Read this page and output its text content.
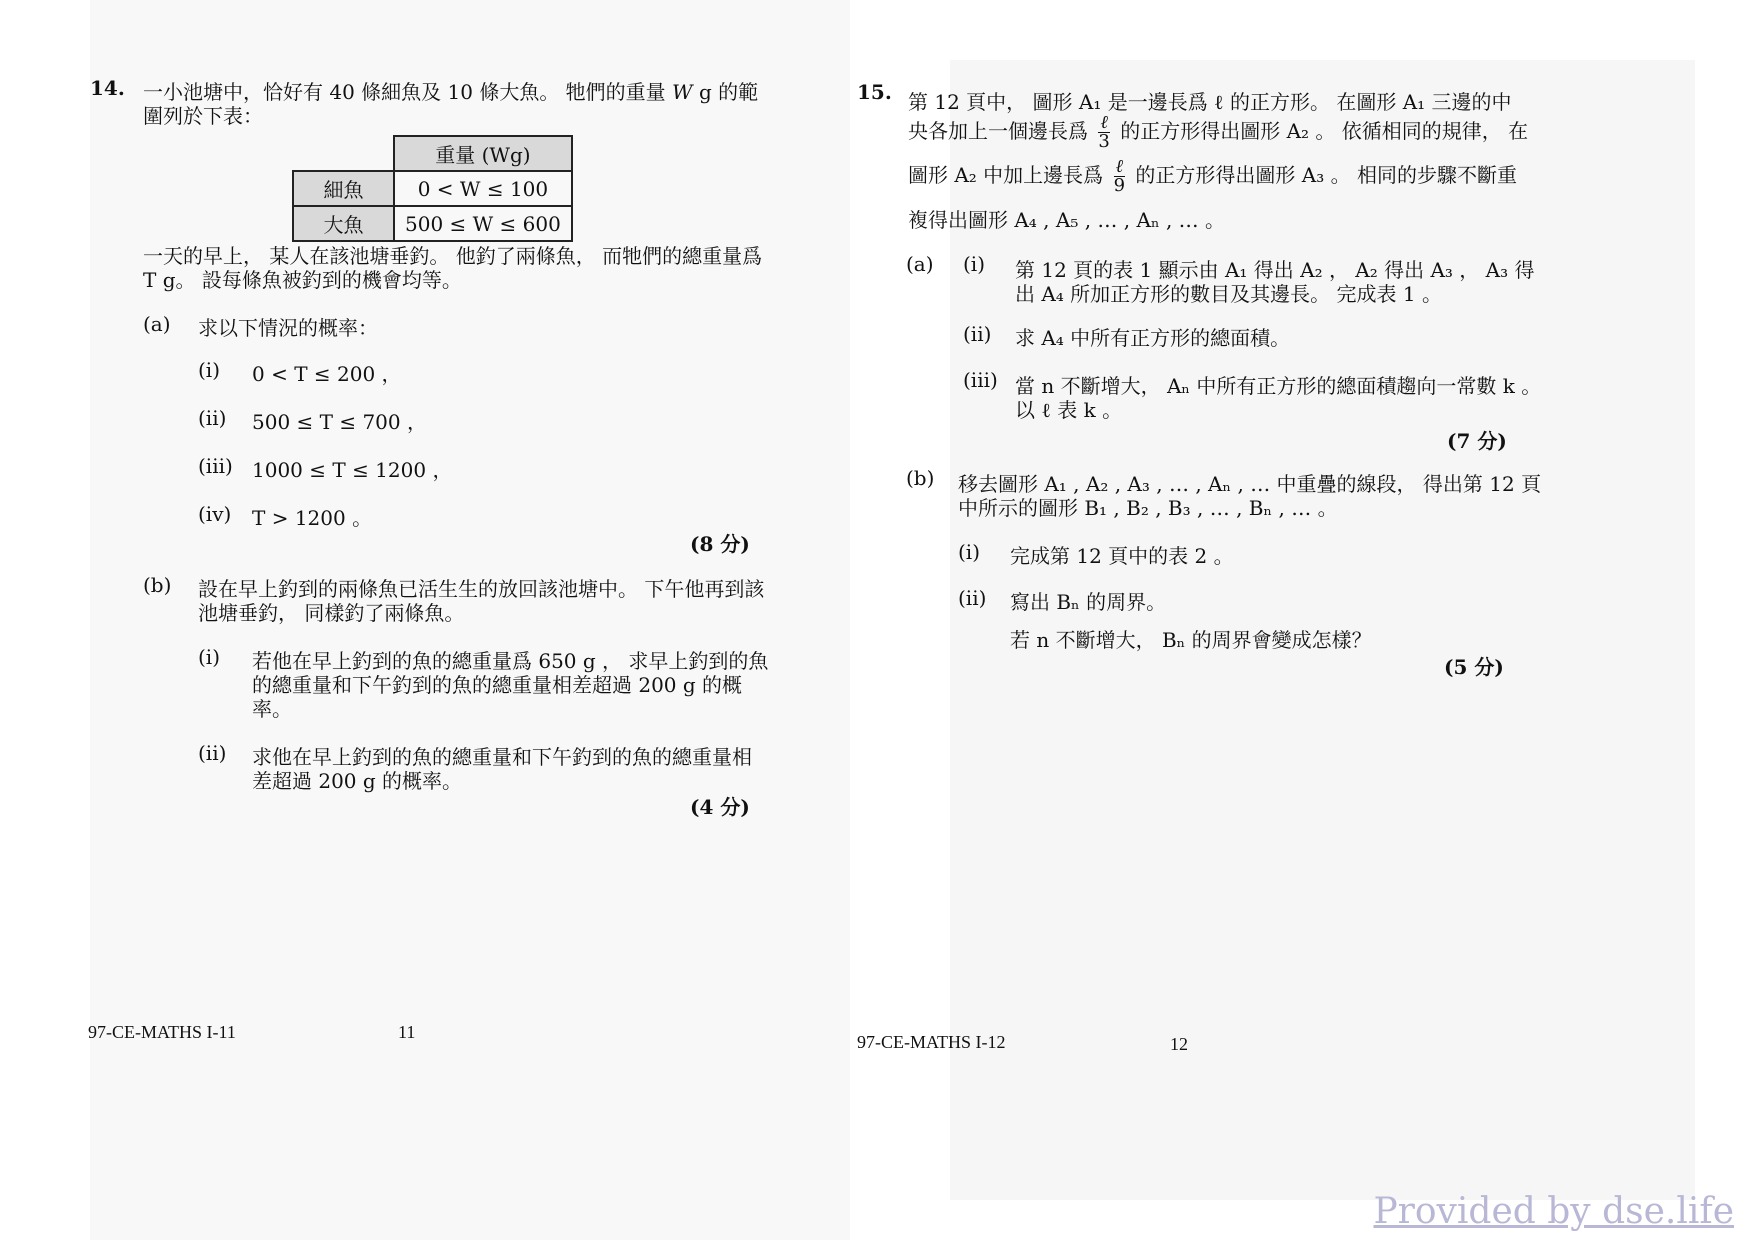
14. 一小池塘中，恰好有 40 條細魚及 10 條大魚。 牠們的重量 W g 的範
圍列於下表：
	重量 (Wg)
細魚	0 < W ≤ 100
大魚	500 ≤ W ≤ 600
一天的早上， 某人在該池塘垂釣。 他釣了兩條魚， 而牠們的總重量爲
T g。 設每條魚被釣到的機會均等。
(a) 求以下情況的概率：
(i) 0 < T ≤ 200 ，
(ii) 500 ≤ T ≤ 700 ，
(iii) 1000 ≤ T ≤ 1200 ，
(iv) T > 1200 。
(8 分)
(b) 設在早上釣到的兩條魚已活生生的放回該池塘中。 下午他再到該
池塘垂釣， 同樣釣了兩條魚。
(i) 若他在早上釣到的魚的總重量爲 650 g ， 求早上釣到的魚
的總重量和下午釣到的魚的總重量相差超過 200 g 的概
率。
(ii) 求他在早上釣到的魚的總重量和下午釣到的魚的總重量相
差超過 200 g 的概率。
(4 分)
97-CE-MATHS I-11	11
15. 第 12 頁中， 圖形 A₁ 是一邊長爲 ℓ 的正方形。 在圖形 A₁ 三邊的中
央各加上一個邊長爲 $\frac{\text{ℓ}}{3}$ 的正方形得出圖形 A₂ 。 依循相同的規律， 在
圖形 A₂ 中加上邊長爲 $\frac{\text{ℓ}}{9}$ 的正方形得出圖形 A₃ 。 相同的步驟不斷重
複得出圖形 A₄ , A₅ , … , Aₙ , … 。
(a) (i) 第 12 頁的表 1 顯示由 A₁ 得出 A₂ ， A₂ 得出 A₃ ， A₃ 得
出 A₄ 所加正方形的數目及其邊長。 完成表 1 。
(ii) 求 A₄ 中所有正方形的總面積。
(iii) 當 n 不斷增大， Aₙ 中所有正方形的總面積趨向一常數 k 。
以 ℓ 表 k 。
(7 分)
(b) 移去圖形 A₁ , A₂ , A₃ , … , Aₙ , … 中重疊的線段， 得出第 12 頁
中所示的圖形 B₁ , B₂ , B₃ , … , Bₙ , … 。
(i) 完成第 12 頁中的表 2 。
(ii) 寫出 Bₙ 的周界。
若 n 不斷增大， Bₙ 的周界會變成怎樣？
(5 分)
97-CE-MATHS I-12	12
Provided by dse.life
